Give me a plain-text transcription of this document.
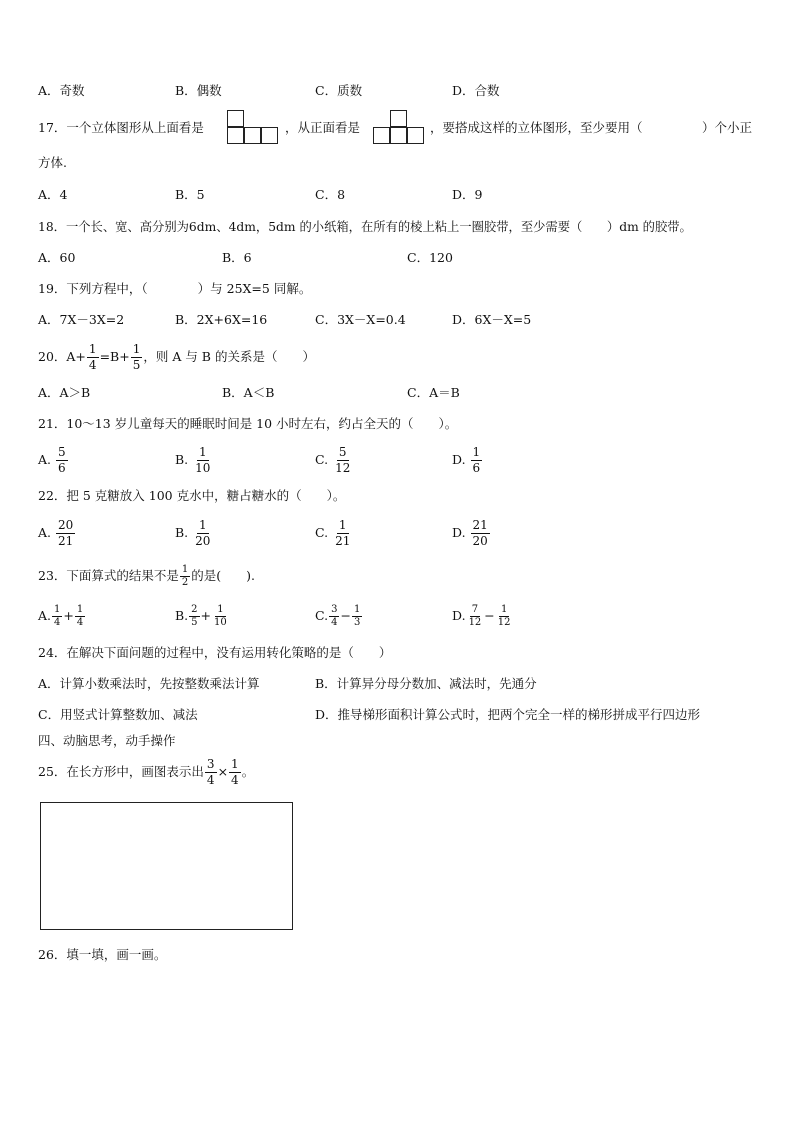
A．奇数	B．偶数	C．质数	D．合数
17．一个立体图形从上面看是	，从正面看是	，要搭成这样的立体图形，至少要用（	）个小正
方体.
A．4	B．5	C．8	D．9
18．一个长、宽、高分别为6dm、4dm，5dm 的小纸箱，在所有的棱上粘上一圈胶带，至少需要（　　）dm 的胶带。
A．60	B．6	C．120
19．下列方程中，（　　　　）与 25X=5 同解。
A．7X－3X=2	B．2X+6X=16	C．3X－X=0.4	D．6X－X=5
20．$A+ \frac{1}{4} =B+ \frac{1}{5}$ ，则 A 与 B 的关系是（　　）
A．A＞B	B．A＜B	C．A＝B
21．10～13 岁儿童每天的睡眠时间是 10 小时左右，约占全天的（　　）。
A. $\frac{5}{6}$	B. $\frac{1}{10}$	C. $\frac{5}{12}$	D. $\frac{1}{6}$
22．把 5 克糖放入 100 克水中，糖占糖水的（　　）。
A. $\frac{20}{21}$	B. $\frac{1}{20}$	C. $\frac{1}{21}$	D. $\frac{21}{20}$
23．下面算式的结果不是 $\frac{1}{2}$ 的是(　　).
A. $\frac{1}{4} + \frac{1}{4}$	B. $\frac{2}{5} + \frac{1}{10}$	C. $\frac{3}{4} - \frac{1}{3}$	D. $\frac{7}{12} - \frac{1}{12}$
24．在解决下面问题的过程中，没有运用转化策略的是（　　）
A．计算小数乘法时，先按整数乘法计算	B．计算异分母分数加、减法时，先通分
C．用竖式计算整数加、减法	D．推导梯形面积计算公式时，把两个完全一样的梯形拼成平行四边形
四、动脑思考，动手操作
25．在长方形中，画图表示出 $\frac{3}{4} \times \frac{1}{4}$ 。
26．填一填，画一画。
